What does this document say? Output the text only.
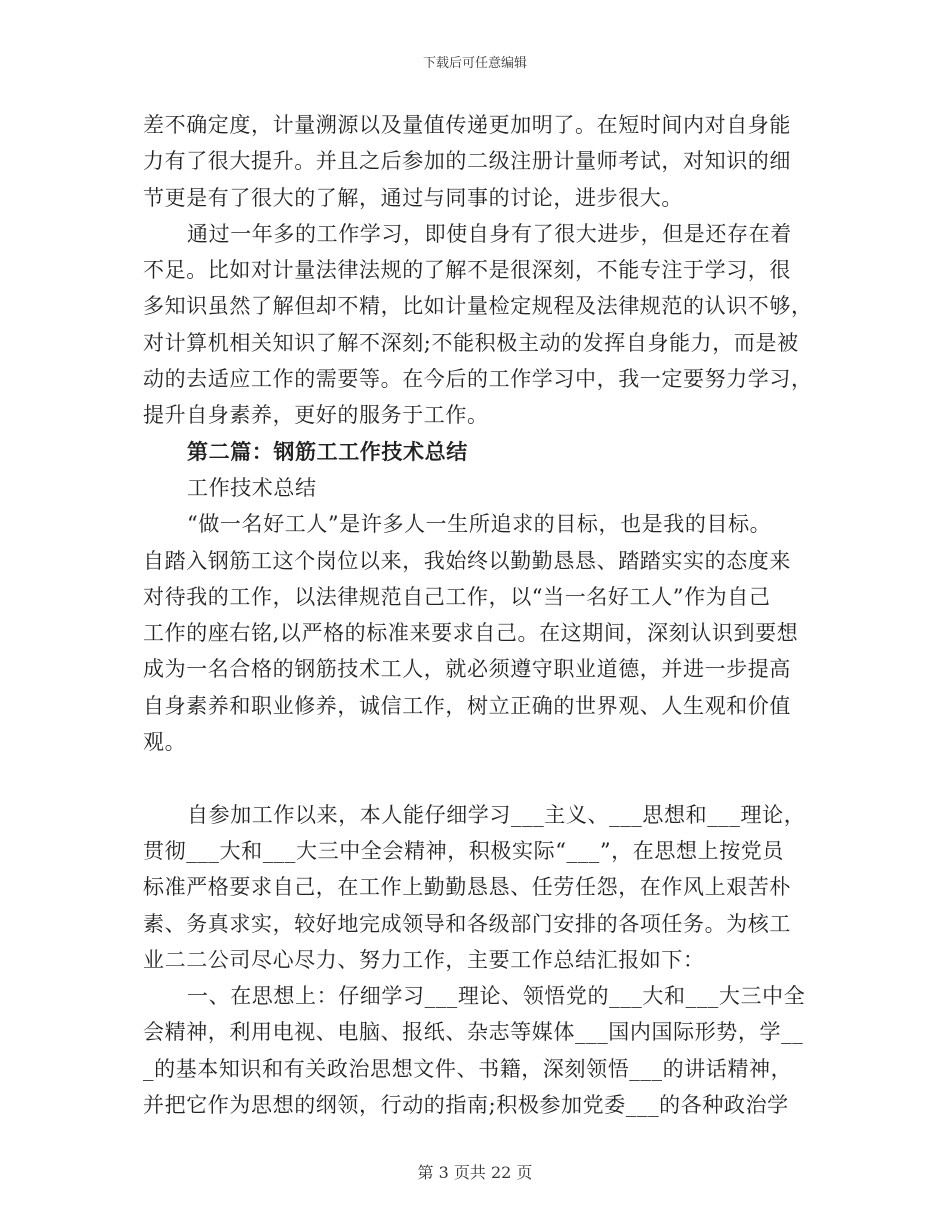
下载后可任意编辑
差不确定度，计量溯源以及量值传递更加明了。在短时间内对自身能
力有了很大提升。并且之后参加的二级注册计量师考试，对知识的细
节更是有了很大的了解，通过与同事的讨论，进步很大。
通过一年多的工作学习，即使自身有了很大进步，但是还存在着
不足。比如对计量法律法规的了解不是很深刻，不能专注于学习，很
多知识虽然了解但却不精，比如计量检定规程及法律规范的认识不够，
对计算机相关知识了解不深刻;不能积极主动的发挥自身能力，而是被
动的去适应工作的需要等。在今后的工作学习中，我一定要努力学习，
提升自身素养，更好的服务于工作。
第二篇：钢筋工工作技术总结
工作技术总结
“做一名好工人”是许多人一生所追求的目标，也是我的目标。
自踏入钢筋工这个岗位以来，我始终以勤勤恳恳、踏踏实实的态度来
对待我的工作，以法律规范自己工作，以“当一名好工人”作为自己
工作的座右铭,以严格的标准来要求自己。在这期间，深刻认识到要想
成为一名合格的钢筋技术工人，就必须遵守职业道德，并进一步提高
自身素养和职业修养，诚信工作，树立正确的世界观、人生观和价值
观。
自参加工作以来，本人能仔细学习___主义、___思想和___理论，
贯彻___大和___大三中全会精神，积极实际“___”，在思想上按党员
标准严格要求自己，在工作上勤勤恳恳、任劳任怨，在作风上艰苦朴
素、务真求实，较好地完成领导和各级部门安排的各项任务。为核工
业二二公司尽心尽力、努力工作，主要工作总结汇报如下：
一、在思想上：仔细学习___理论、领悟党的___大和___大三中全
会精神，利用电视、电脑、报纸、杂志等媒体___国内国际形势，学__
_的基本知识和有关政治思想文件、书籍，深刻领悟___的讲话精神，
并把它作为思想的纲领，行动的指南;积极参加党委___的各种政治学
第 3 页共 22 页
